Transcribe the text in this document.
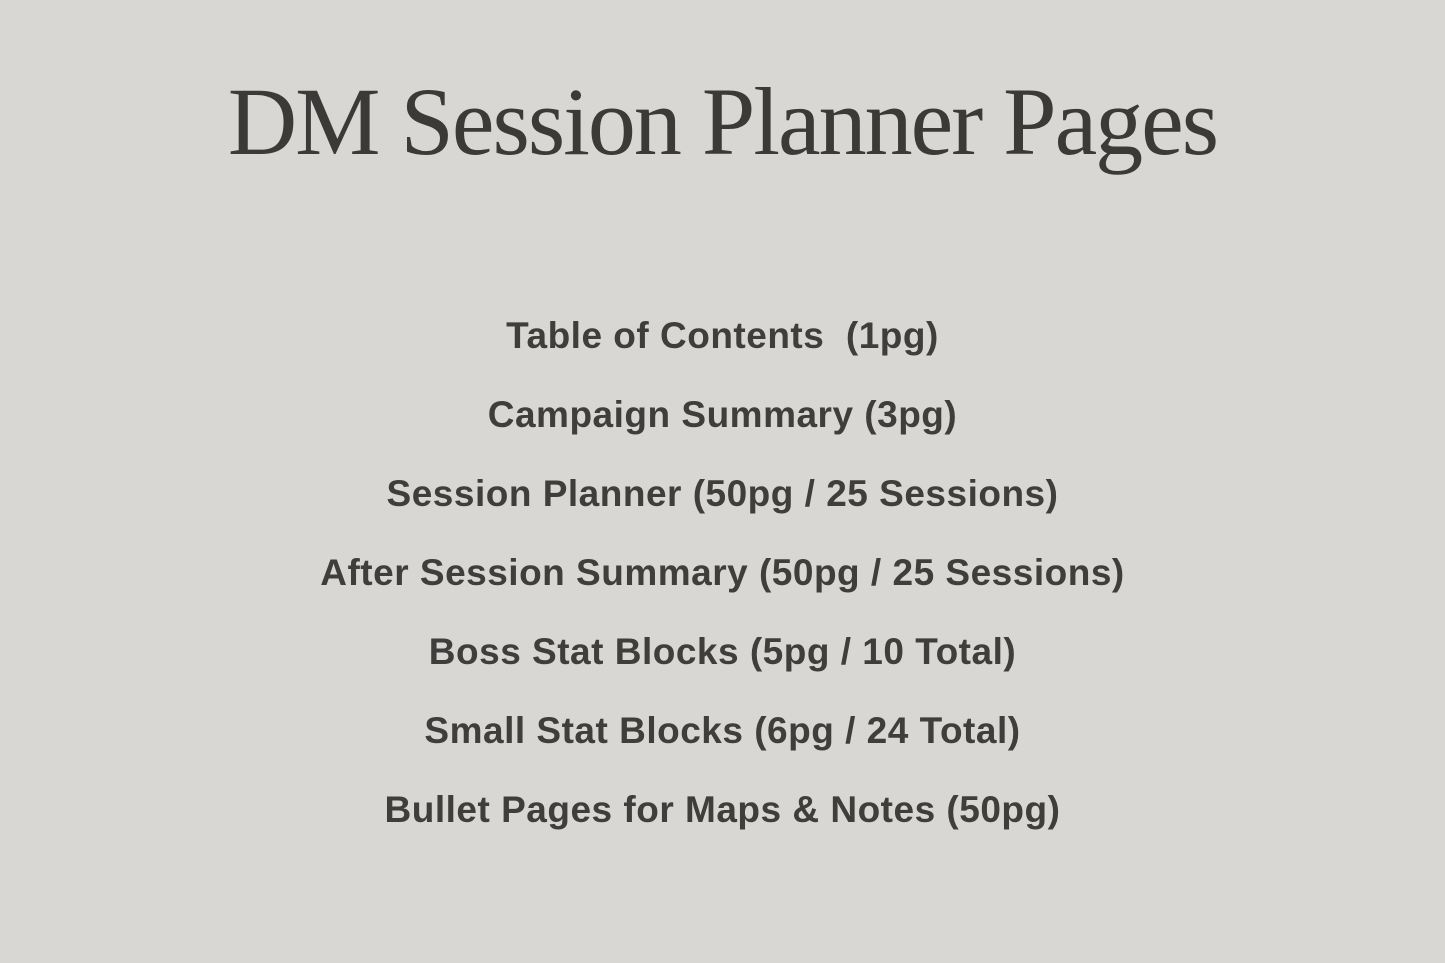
DM Session Planner Pages
Table of Contents  (1pg)
Campaign Summary (3pg)
Session Planner (50pg / 25 Sessions)
After Session Summary (50pg / 25 Sessions)
Boss Stat Blocks (5pg / 10 Total)
Small Stat Blocks (6pg / 24 Total)
Bullet Pages for Maps & Notes (50pg)
